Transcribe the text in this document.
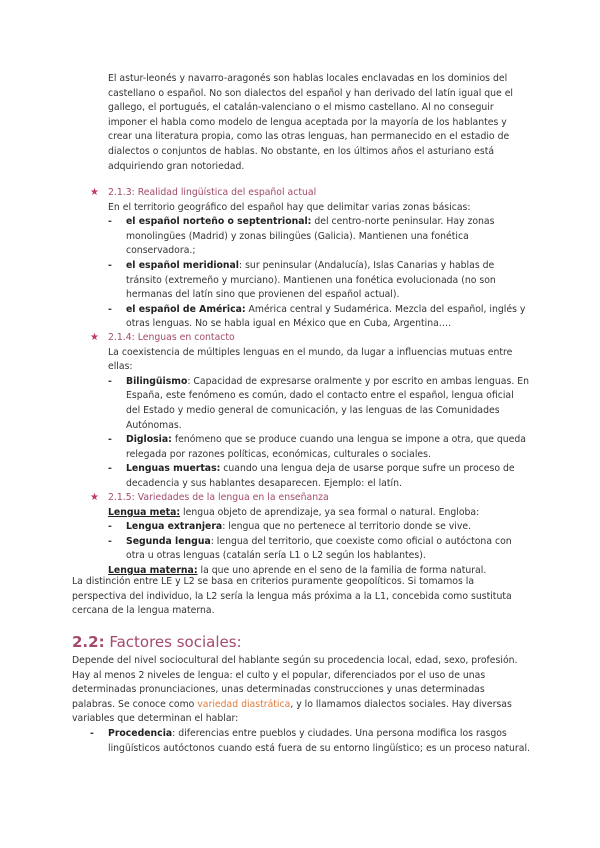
El astur-leonés y navarro-aragonés son hablas locales enclavadas en los dominios del castellano o español. No son dialectos del español y han derivado del latín igual que el gallego, el portugués, el catalán-valenciano o el mismo castellano. Al no conseguir imponer el habla como modelo de lengua aceptada por la mayoría de los hablantes y crear una literatura propia, como las otras lenguas, han permanecido en el estadio de dialectos o conjuntos de hablas. No obstante, en los últimos años el asturiano está adquiriendo gran notoriedad.

★ 2.1.3: Realidad lingüística del español actual

En el territorio geográfico del español hay que delimitar varias zonas básicas:

- el español norteño o septentrional: del centro-norte peninsular. Hay zonas monolingües (Madrid) y zonas bilingües (Galicia). Mantienen una fonética conservadora.;
- el español meridional: sur peninsular (Andalucía), Islas Canarias y hablas de tránsito (extremeño y murciano). Mantienen una fonética evolucionada (no son hermanas del latín sino que provienen del español actual).
- el español de América: América central y Sudamérica. Mezcla del español, inglés y otras lenguas. No se habla igual en México que en Cuba, Argentina….
★ 2.1.4: Lenguas en contacto

La coexistencia de múltiples lenguas en el mundo, da lugar a influencias mutuas entre ellas:

- Bilingüismo: Capacidad de expresarse oralmente y por escrito en ambas lenguas. En España, este fenómeno es común, dado el contacto entre el español, lengua oficial del Estado y medio general de comunicación, y las lenguas de las Comunidades Autónomas.
- Diglosia: fenómeno que se produce cuando una lengua se impone a otra, que queda relegada por razones políticas, económicas, culturales o sociales.
- Lenguas muertas: cuando una lengua deja de usarse porque sufre un proceso de decadencia y sus hablantes desaparecen. Ejemplo: el latín.
★ 2.1.5: Variedades de la lengua en la enseñanza

Lengua meta: lengua objeto de aprendizaje, ya sea formal o natural. Engloba:

- Lengua extranjera: lengua que no pertenece al territorio donde se vive.
- Segunda lengua: lengua del territorio, que coexiste como oficial o autóctona con otra u otras lenguas (catalán sería L1 o L2 según los hablantes).

Lengua materna: la que uno aprende en el seno de la familia de forma natural.

La distinción entre LE y L2 se basa en criterios puramente geopolíticos. Si tomamos la perspectiva del individuo, la L2 sería la lengua más próxima a la L1, concebida como sustituta cercana de la lengua materna.

2.2: Factores sociales:

Depende del nivel sociocultural del hablante según su procedencia local, edad, sexo, profesión. Hay al menos 2 niveles de lengua: el culto y el popular, diferenciados por el uso de unas determinadas pronunciaciones, unas determinadas construcciones y unas determinadas palabras. Se conoce como variedad diastrática, y lo llamamos dialectos sociales. Hay diversas variables que determinan el hablar:

- Procedencia: diferencias entre pueblos y ciudades. Una persona modifica los rasgos lingüísticos autóctonos cuando está fuera de su entorno lingüístico; es un proceso natural.
